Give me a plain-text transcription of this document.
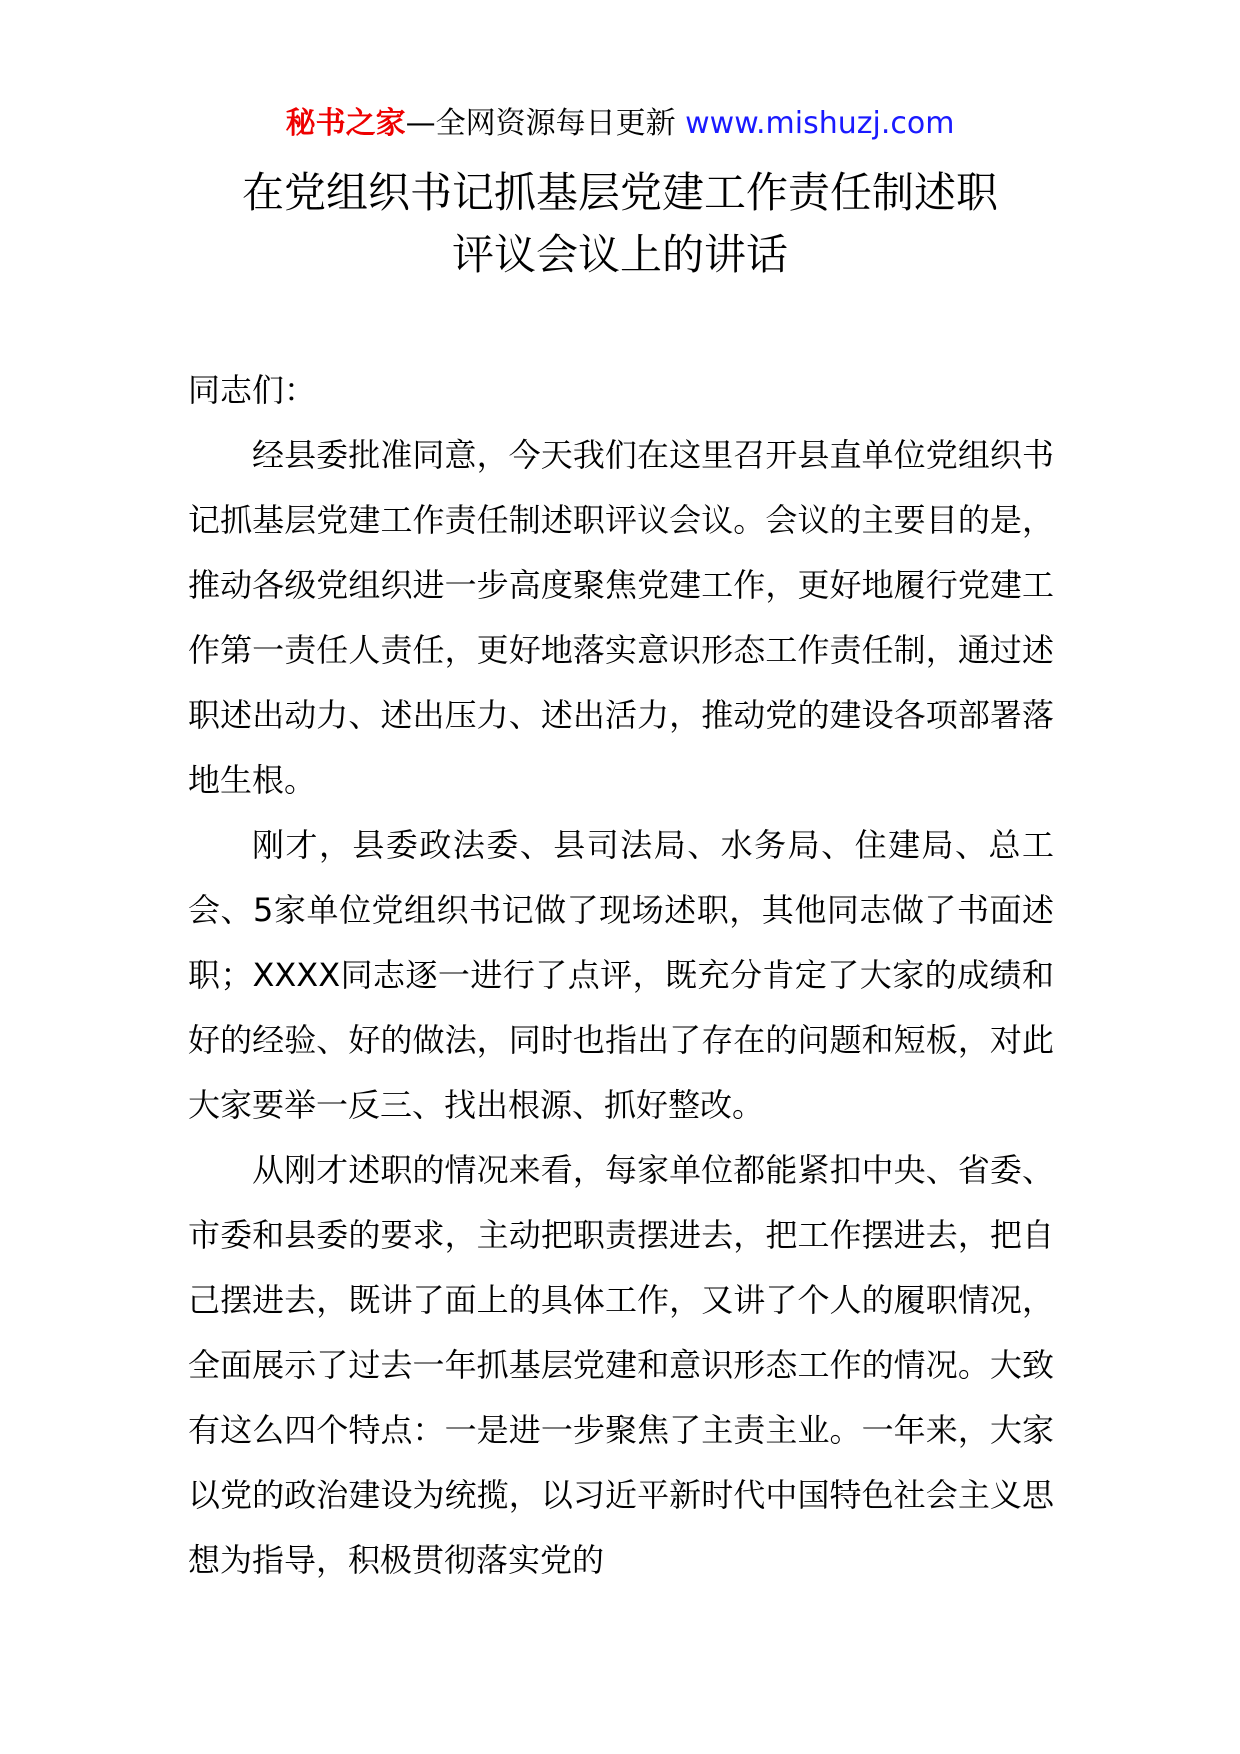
秘书之家—全网资源每日更新 www.mishuzj.com
在党组织书记抓基层党建工作责任制述职
评议会议上的讲话

同志们：

经县委批准同意，今天我们在这里召开县直单位党组织书记抓基层党建工作责任制述职评议会议。会议的主要目的是，推动各级党组织进一步高度聚焦党建工作，更好地履行党建工作第一责任人责任，更好地落实意识形态工作责任制，通过述职述出动力、述出压力、述出活力，推动党的建设各项部署落地生根。

刚才，县委政法委、县司法局、水务局、住建局、总工会、5家单位党组织书记做了现场述职，其他同志做了书面述职；XXXX同志逐一进行了点评，既充分肯定了大家的成绩和好的经验、好的做法，同时也指出了存在的问题和短板，对此大家要举一反三、找出根源、抓好整改。

从刚才述职的情况来看，每家单位都能紧扣中央、省委、市委和县委的要求，主动把职责摆进去，把工作摆进去，把自己摆进去，既讲了面上的具体工作，又讲了个人的履职情况，全面展示了过去一年抓基层党建和意识形态工作的情况。大致有这么四个特点：一是进一步聚焦了主责主业。一年来，大家以党的政治建设为统揽，以习近平新时代中国特色社会主义思想为指导，积极贯彻落实党的
